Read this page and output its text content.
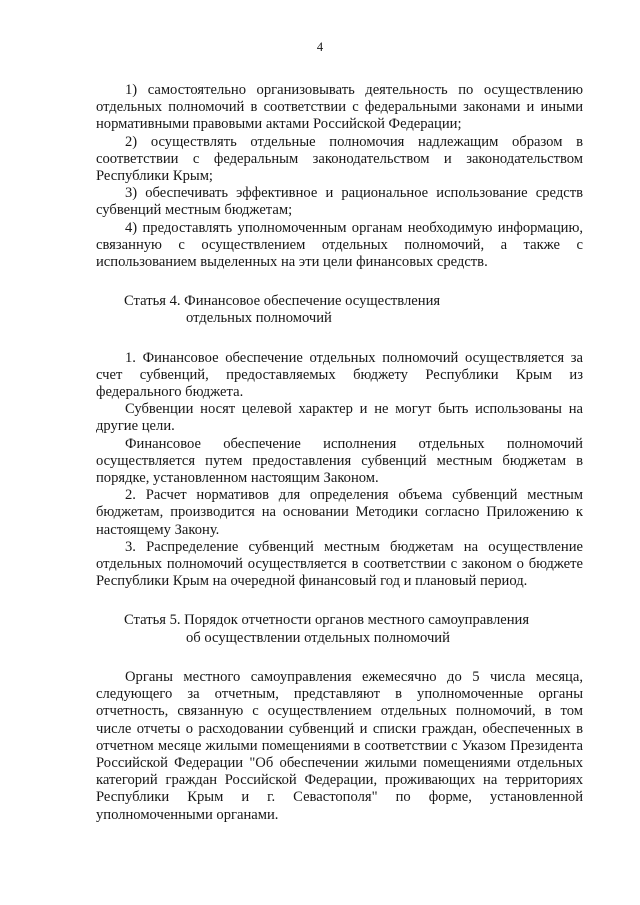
4

1) самостоятельно организовывать деятельность по осуществлению отдельных полномочий в соответствии с федеральными законами и иными нормативными правовыми актами Российской Федерации;

2) осуществлять отдельные полномочия надлежащим образом в соответствии с федеральным законодательством и законодательством Республики Крым;

3) обеспечивать эффективное и рациональное использование средств субвенций местным бюджетам;

4) предоставлять уполномоченным органам необходимую информацию, связанную с осуществлением отдельных полномочий, а также с использованием выделенных на эти цели финансовых средств.

Статья 4. Финансовое обеспечение осуществления
отдельных полномочий

1. Финансовое обеспечение отдельных полномочий осуществляется за счет субвенций, предоставляемых бюджету Республики Крым из федерального бюджета.

Субвенции носят целевой характер и не могут быть использованы на другие цели.

Финансовое обеспечение исполнения отдельных полномочий осуществляется путем предоставления субвенций местным бюджетам в порядке, установленном настоящим Законом.

2. Расчет нормативов для определения объема субвенций местным бюджетам, производится на основании Методики согласно Приложению к настоящему Закону.

3. Распределение субвенций местным бюджетам на осуществление отдельных полномочий осуществляется в соответствии с законом о бюджете Республики Крым на очередной финансовый год и плановый период.

Статья 5. Порядок отчетности органов местного самоуправления
об осуществлении отдельных полномочий

Органы местного самоуправления ежемесячно до 5 числа месяца, следующего за отчетным, представляют в уполномоченные органы отчетность, связанную с осуществлением отдельных полномочий, в том числе отчеты о расходовании субвенций и списки граждан, обеспеченных в отчетном месяце жилыми помещениями в соответствии с Указом Президента Российской Федерации "Об обеспечении жилыми помещениями отдельных категорий граждан Российской Федерации, проживающих на территориях Республики Крым и г. Севастополя" по форме, установленной уполномоченными органами.
